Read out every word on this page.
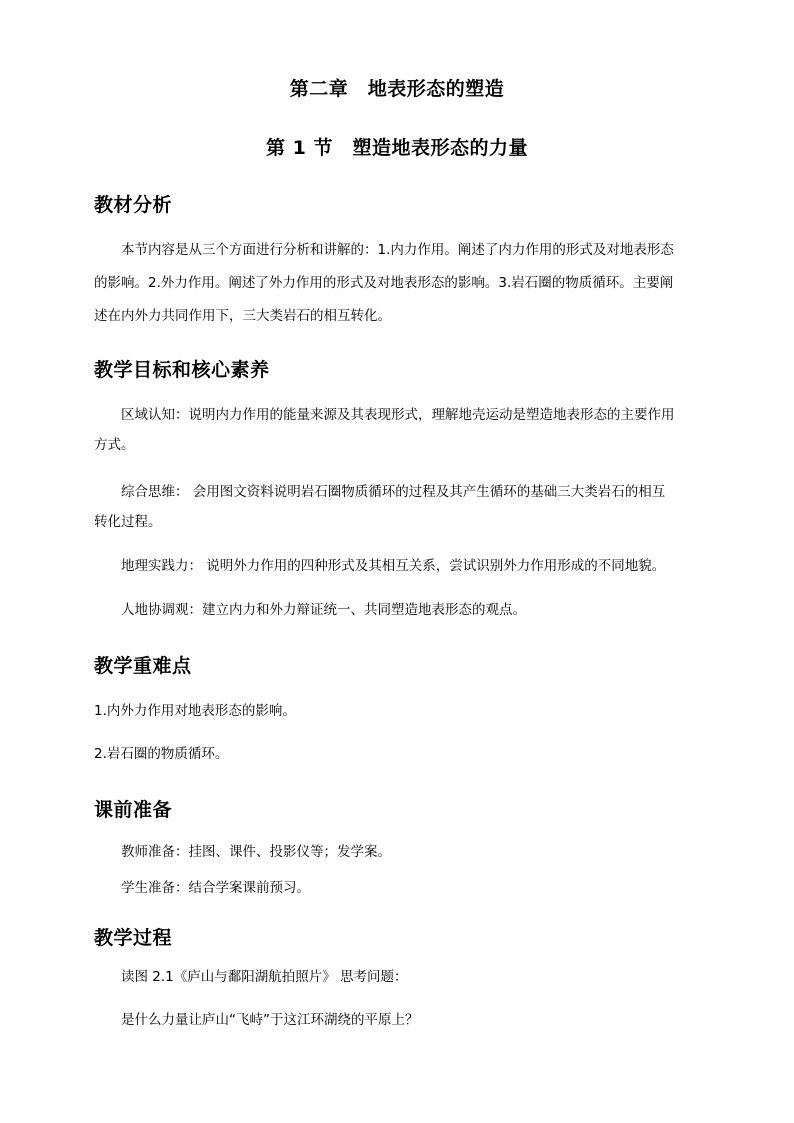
第二章　地表形态的塑造
第 1 节　塑造地表形态的力量
教材分析
本节内容是从三个方面进行分析和讲解的：1.内力作用。阐述了内力作用的形式及对地表形态
的影响。2.外力作用。阐述了外力作用的形式及对地表形态的影响。3.岩石圈的物质循环。主要阐
述在内外力共同作用下，三大类岩石的相互转化。
教学目标和核心素养
区域认知：说明内力作用的能量来源及其表现形式，理解地壳运动是塑造地表形态的主要作用
方式。
综合思维： 会用图文资料说明岩石圈物质循环的过程及其产生循环的基础三大类岩石的相互
转化过程。
地理实践力： 说明外力作用的四种形式及其相互关系，尝试识别外力作用形成的不同地貌。
人地协调观：建立内力和外力辩证统一、共同塑造地表形态的观点。
教学重难点
1.内外力作用对地表形态的影响。
2.岩石圈的物质循环。
课前准备
教师准备：挂图、课件、投影仪等；发学案。
学生准备：结合学案课前预习。
教学过程
读图 2.1《庐山与鄱阳湖航拍照片》 思考问题：
是什么力量让庐山“飞峙”于这江环湖绕的平原上？
